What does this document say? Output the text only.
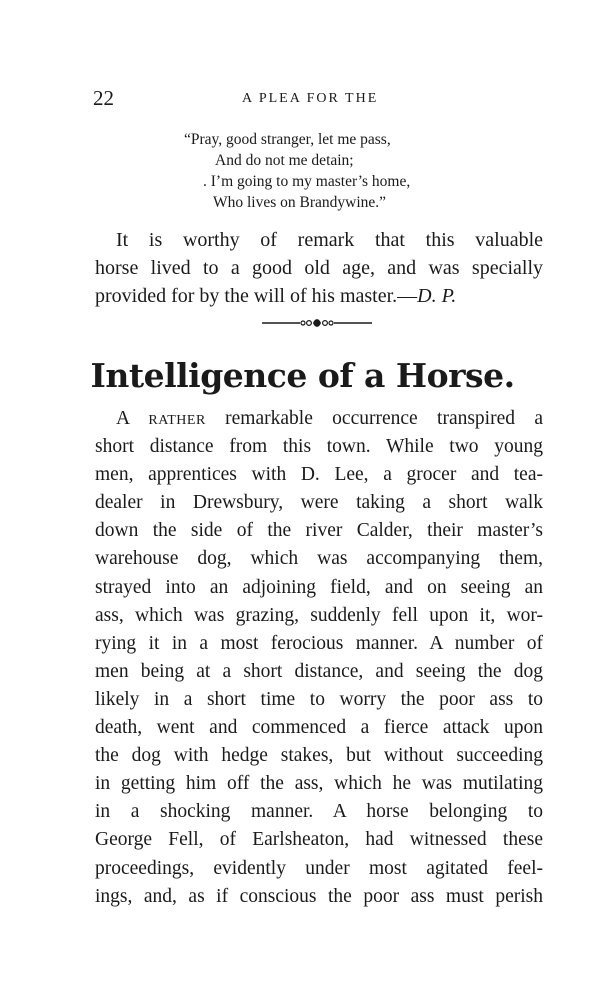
22	A PLEA FOR THE
“Pray, good stranger, let me pass,
And do not me detain;
. I’m going to my master’s home,
Who lives on Brandywine.”
It is worthy of remark that this valuable
horse lived to a good old age, and was specially
provided for by the will of his master.—D. P.
Intelligence of a Horse.
A RATHER remarkable occurrence transpired a
short distance from this town. While two young
men, apprentices with D. Lee, a grocer and tea-
dealer in Drewsbury, were taking a short walk
down the side of the river Calder, their master’s
warehouse dog, which was accompanying them,
strayed into an adjoining field, and on seeing an
ass, which was grazing, suddenly fell upon it, wor-
rying it in a most ferocious manner. A number of
men being at a short distance, and seeing the dog
likely in a short time to worry the poor ass to
death, went and commenced a fierce attack upon
the dog with hedge stakes, but without succeeding
in getting him off the ass, which he was mutilating
in a shocking manner. A horse belonging to
George Fell, of Earlsheaton, had witnessed these
proceedings, evidently under most agitated feel-
ings, and, as if conscious the poor ass must perish
